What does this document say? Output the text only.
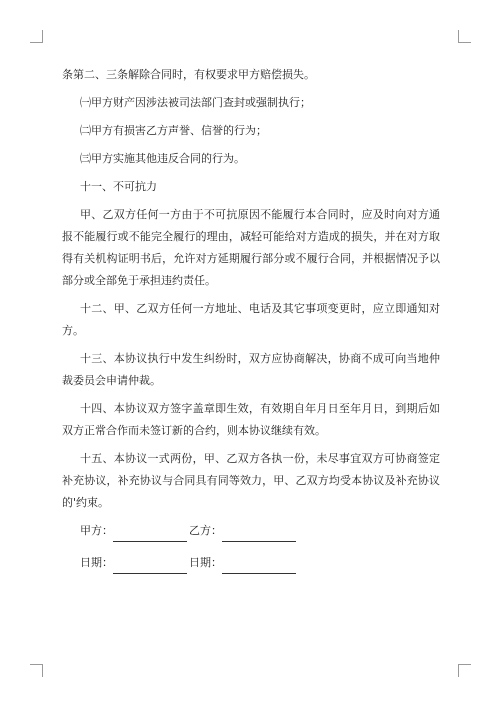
条第二、三条解除合同时，有权要求甲方赔偿损失。

㈠甲方财产因涉法被司法部门查封或强制执行；

㈡甲方有损害乙方声誉、信誉的行为；

㈢甲方实施其他违反合同的行为。

十一、不可抗力

甲、乙双方任何一方由于不可抗原因不能履行本合同时，应及时向对方通报不能履行或不能完全履行的理由，减轻可能给对方造成的损失，并在对方取得有关机构证明书后，允许对方延期履行部分或不履行合同，并根据情况予以部分或全部免于承担违约责任。

十二、甲、乙双方任何一方地址、电话及其它事项变更时，应立即通知对方。

十三、本协议执行中发生纠纷时，双方应协商解决，协商不成可向当地仲裁委员会申请仲裁。

十四、本协议双方签字盖章即生效，有效期自年月日至年月日，到期后如双方正常合作而未签订新的合约，则本协议继续有效。

十五、本协议一式两份，甲、乙双方各执一份，未尽事宜双方可协商签定补充协议，补充协议与合同具有同等效力，甲、乙双方均受本协议及补充协议的'约束。

甲方：	乙方：
日期：	日期：
